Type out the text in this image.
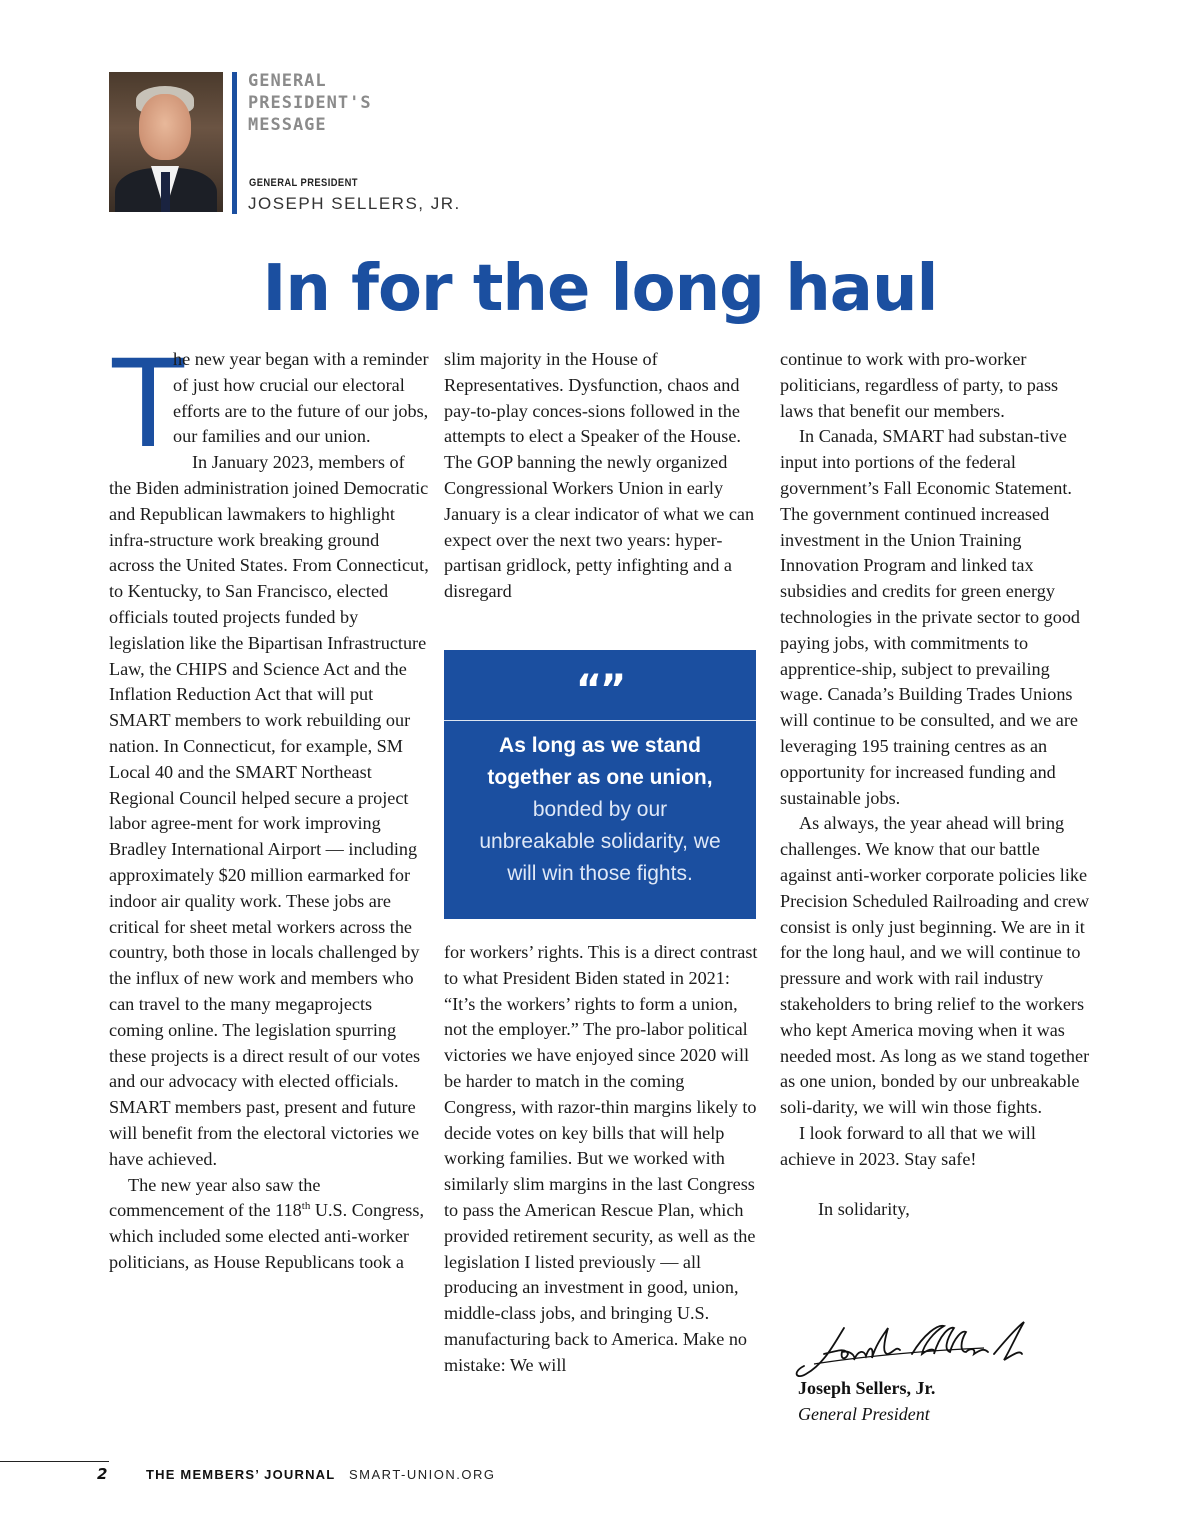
GENERAL
PRESIDENT'S
MESSAGE
GENERAL PRESIDENT
JOSEPH SELLERS, JR.
In for the long haul

T
he new year began with a reminder of just how crucial our electoral efforts are to the future of our jobs, our families and our union.

In January 2023, members of the Biden administration joined Democratic and Republican lawmakers to highlight infra-structure work breaking ground across the United States. From Connecticut, to Kentucky, to San Francisco, elected officials touted projects funded by legislation like the Bipartisan Infrastructure Law, the CHIPS and Science Act and the Inflation Reduction Act that will put SMART members to work rebuilding our nation. In Connecticut, for example, SM Local 40 and the SMART Northeast Regional Council helped secure a project labor agree-ment for work improving Bradley International Airport — including approximately $20 million earmarked for indoor air quality work. These jobs are critical for sheet metal workers across the country, both those in locals challenged by the influx of new work and members who can travel to the many megaprojects coming online. The legislation spurring these projects is a direct result of our votes and our advocacy with elected officials. SMART members past, present and future will benefit from the electoral victories we have achieved.

The new year also saw the commencement of the 118th U.S. Congress, which included some elected anti-worker politicians, as House Republicans took a

slim majority in the House of Representatives. Dysfunction, chaos and pay-to-play conces-sions followed in the attempts to elect a Speaker of the House. The GOP banning the newly organized Congressional Workers Union in early January is a clear indicator of what we can expect over the next two years: hyper-partisan gridlock, petty infighting and a disregard

“”
As long as we stand together as one union,
bonded by our unbreakable solidarity, we will win those fights.

for workers’ rights. This is a direct contrast to what President Biden stated in 2021: “It’s the workers’ rights to form a union, not the employer.” The pro-labor political victories we have enjoyed since 2020 will be harder to match in the coming Congress, with razor-thin margins likely to decide votes on key bills that will help working families. But we worked with similarly slim margins in the last Congress to pass the American Rescue Plan, which provided retirement security, as well as the legislation I listed previously — all producing an investment in good, union, middle-class jobs, and bringing U.S. manufacturing back to America. Make no mistake: We will

continue to work with pro-worker politicians, regardless of party, to pass laws that benefit our members.

In Canada, SMART had substan-tive input into portions of the federal government’s Fall Economic Statement. The government continued increased investment in the Union Training Innovation Program and linked tax subsidies and credits for green energy technologies in the private sector to good paying jobs, with commitments to apprentice-ship, subject to prevailing wage. Canada’s Building Trades Unions will continue to be consulted, and we are leveraging 195 training centres as an opportunity for increased funding and sustainable jobs.

As always, the year ahead will bring challenges. We know that our battle against anti-worker corporate policies like Precision Scheduled Railroading and crew consist is only just beginning. We are in it for the long haul, and we will continue to pressure and work with rail industry stakeholders to bring relief to the workers who kept America moving when it was needed most. As long as we stand together as one union, bonded by our unbreakable soli-darity, we will win those fights.

I look forward to all that we will achieve in 2023. Stay safe!

In solidarity,

Joseph Sellers, Jr.
General President
2	THE MEMBERS’ JOURNAL SMART-UNION.ORG
